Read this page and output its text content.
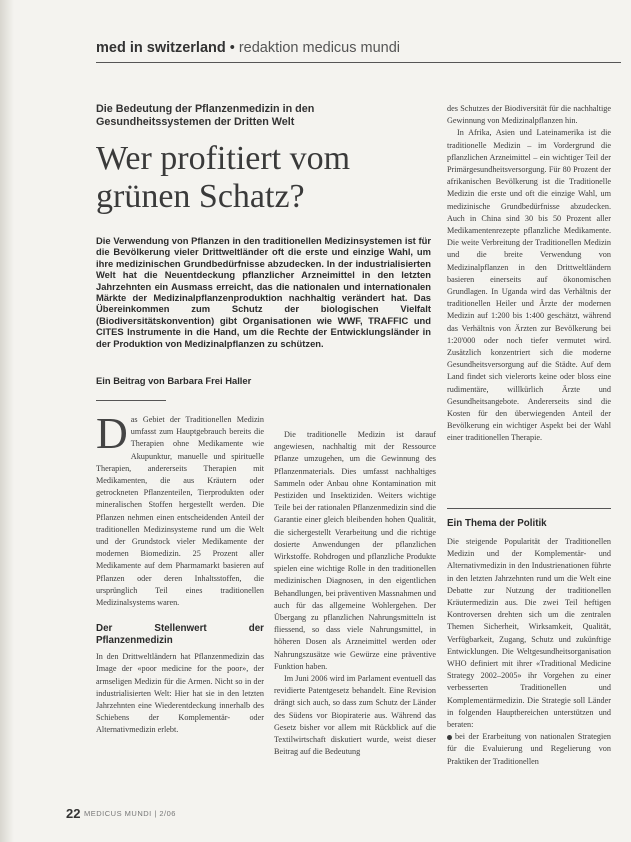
med in switzerland • redaktion medicus mundi
Die Bedeutung der Pflanzenmedizin in den Gesundheitssystemen der Dritten Welt
Wer profitiert vom grünen Schatz?
Die Verwendung von Pflanzen in den traditionellen Medizinsystemen ist für die Bevölkerung vieler Drittweltländer oft die erste und einzige Wahl, um ihre medizinischen Grundbedürfnisse abzudecken. In der industrialisierten Welt hat die Neuentdeckung pflanzlicher Arzneimittel in den letzten Jahrzehnten ein Ausmass erreicht, das die nationalen und internationalen Märkte der Medizinalpflanzenproduktion nachhaltig verändert hat. Das Übereinkommen zum Schutz der biologischen Vielfalt (Biodiversitätskonvention) gibt Organisationen wie WWF, TRAFFIC und CITES Instrumente in die Hand, um die Rechte der Entwicklungsländer in der Produktion von Medizinalpflanzen zu schützen.
Ein Beitrag von Barbara Frei Haller

Das Gebiet der Traditionellen Medizin umfasst zum Hauptgebrauch bereits die Therapien ohne Medikamente wie Akupunktur, manuelle und spirituelle Therapien, andererseits Therapien mit Medikamenten, die aus Kräutern oder getrockneten Pflanzenteilen, Tierprodukten oder mineralischen Stoffen hergestellt werden. Die Pflanzen nehmen einen entscheidenden Anteil der traditionellen Medizinsysteme rund um die Welt und der Grundstock vieler Medikamente der modernen Biomedizin. 25 Prozent aller Medikamente auf dem Pharmamarkt basieren auf Pflanzen oder deren Inhaltsstoffen, die ursprünglich Teil eines traditionellen Medizinalsystems waren.

Der Stellenwert der Pflanzenmedizin

In den Drittweltländern hat Pflanzenmedizin das Image der «poor medicine for the poor», der armseligen Medizin für die Armen. Nicht so in der industrialisierten Welt: Hier hat sie in den letzten Jahrzehnten eine Wiederentdeckung innerhalb des Schiebens der Komplementär- oder Alternativmedizin erlebt.

Die traditionelle Medizin ist darauf angewiesen, nachhaltig mit der Ressource Pflanze umzugehen, um die Gewinnung des Pflanzenmaterials. Dies umfasst nachhaltiges Sammeln oder Anbau ohne Kontamination mit Pestiziden und Insektiziden. Weiters wichtige Teile bei der rationalen Pflanzenmedizin sind die Garantie einer gleich bleibenden hohen Qualität, die sichergestellt Verarbeitung und die richtige dosierte Anwendungen der pflanzlichen Wirkstoffe. Rohdrogen und pflanzliche Produkte spielen eine wichtige Rolle in den traditionellen medizinischen Diagnosen, in den eigentlichen Behandlungen, bei präventiven Massnahmen und auch für das allgemeine Wohlergehen. Der Übergang zu pflanzlichen Nahrungsmitteln ist fliessend, so dass viele Nahrungsmittel, in höheren Dosen als Arzneimittel werden oder Nahrungszusätze wie Gewürze eine präventive Funktion haben.

Im Juni 2006 wird im Parlament eventuell das revidierte Patentgesetz behandelt. Eine Revision drängt sich auch, so dass zum Schutz der Länder des Südens vor Biopiraterie aus. Während das Gesetz bisher vor allem mit Rückblick auf die Textilwirtschaft diskutiert wurde, weist dieser Beitrag auf die Bedeutung

des Schutzes der Biodiversität für die nachhaltige Gewinnung von Medizinalpflanzen hin.

In Afrika, Asien und Lateinamerika ist die traditionelle Medizin – im Vordergrund die pflanzlichen Arzneimittel – ein wichtiger Teil der Primärgesundheitsversorgung. Für 80 Prozent der afrikanischen Bevölkerung ist die Traditionelle Medizin die erste und oft die einzige Wahl, um medizinische Grundbedürfnisse abzudecken. Auch in China sind 30 bis 50 Prozent aller Medikamentenrezepte pflanzliche Medikamente. Die weite Verbreitung der Traditionellen Medizin und die breite Verwendung von Medizinalpflanzen in den Drittweltländern basieren einerseits auf ökonomischen Grundlagen. In Uganda wird das Verhältnis der traditionellen Heiler und Ärzte der modernen Medizin auf 1:200 bis 1:400 geschätzt, während das Verhältnis von Ärzten zur Bevölkerung bei 1:20'000 oder noch tiefer vermutet wird. Zusätzlich konzentriert sich die moderne Gesundheitsversorgung auf die Städte. Auf dem Land findet sich vielerorts keine oder bloss eine rudimentäre, willkürlich Ärzte und Gesundheitsangebote. Andererseits sind die Kosten für den überwiegenden Anteil der Bevölkerung ein wichtiger Aspekt bei der Wahl einer traditionellen Therapie.

Ein Thema der Politik

Die steigende Popularität der Traditionellen Medizin und der Komplementär- und Alternativmedizin in den Industrienationen führte in den letzten Jahrzehnten rund um die Welt eine Debatte zur Nutzung der traditionellen Kräutermedizin aus. Die zwei Teil heftigen Kontroversen drehten sich um die zentralen Themen Sicherheit, Wirksamkeit, Qualität, Verfügbarkeit, Zugang, Schutz und zukünftige Entwicklungen. Die Weltgesundheitsorganisation WHO definiert mit ihrer «Traditional Medicine Strategy 2002–2005» ihr Vorgehen zu einer verbesserten Traditionellen und Komplementärmedizin. Die Strategie soll Länder in folgenden Hauptbereichen unterstützen und beraten:

bei der Erarbeitung von nationalen Strategien für die Evaluierung und Regelierung von Praktiken der Traditionellen

22 MEDICUS MUNDI | 2/06
